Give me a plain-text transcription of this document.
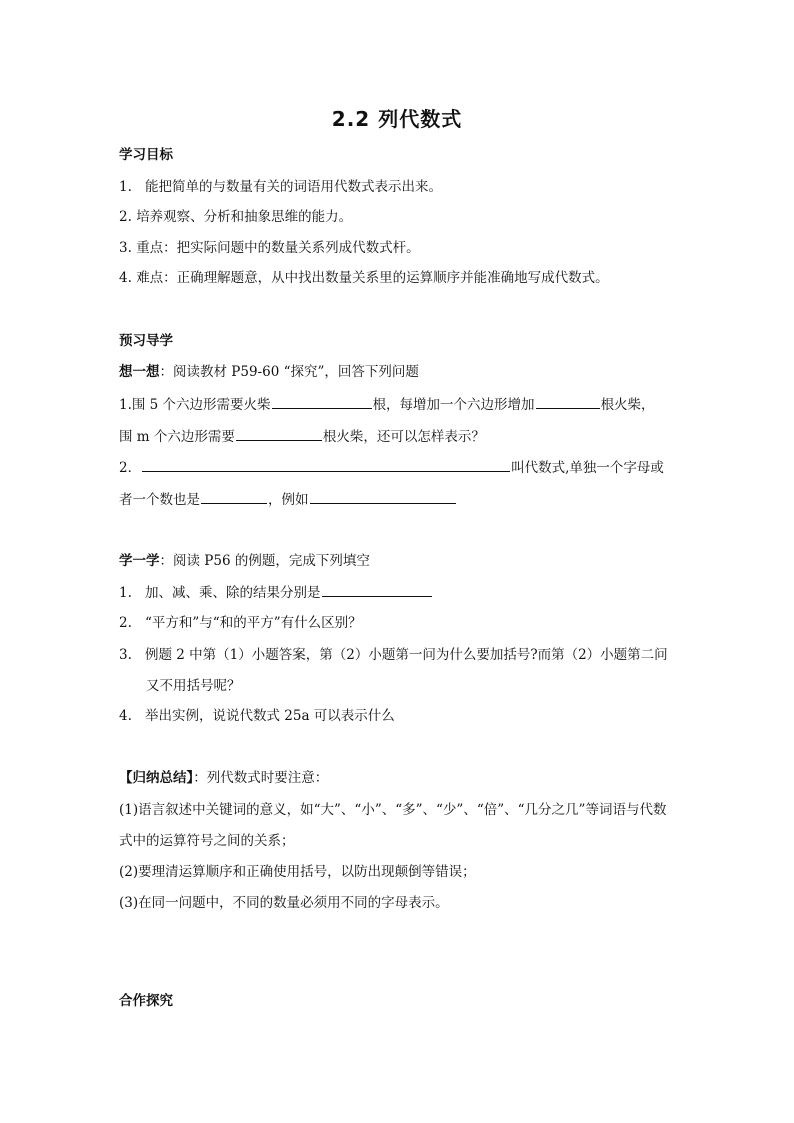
2.2 列代数式
学习目标
1. 能把简单的与数量有关的词语用代数式表示出来。
2. 培养观察、分析和抽象思维的能力。
3. 重点：把实际问题中的数量关系列成代数式杆。
4. 难点：正确理解题意，从中找出数量关系里的运算顺序并能准确地写成代数式。
预习导学
想一想：阅读教材 P59-60 “探究”，回答下列问题
1.围 5 个六边形需要火柴	根，每增加一个六边形增加	根火柴，
围 m 个六边形需要	根火柴，还可以怎样表示？
2．	叫代数式,单独一个字母或
者一个数也是	，例如
学一学：阅读 P56 的例题，完成下列填空
1. 加、减、乘、除的结果分别是
2. “平方和”与“和的平方”有什么区别？
3. 例题 2 中第（1）小题答案，第（2）小题第一问为什么要加括号?而第（2）小题第二问
又不用括号呢？
4. 举出实例，说说代数式 25a 可以表示什么
【归纳总结】：列代数式时要注意：
(1)语言叙述中关键词的意义，如“大”、“小”、“多”、“少”、“倍”、“几分之几”等词语与代数
式中的运算符号之间的关系；
(2)要理清运算顺序和正确使用括号，以防出现颠倒等错误；
(3)在同一问题中，不同的数量必须用不同的字母表示。
合作探究
